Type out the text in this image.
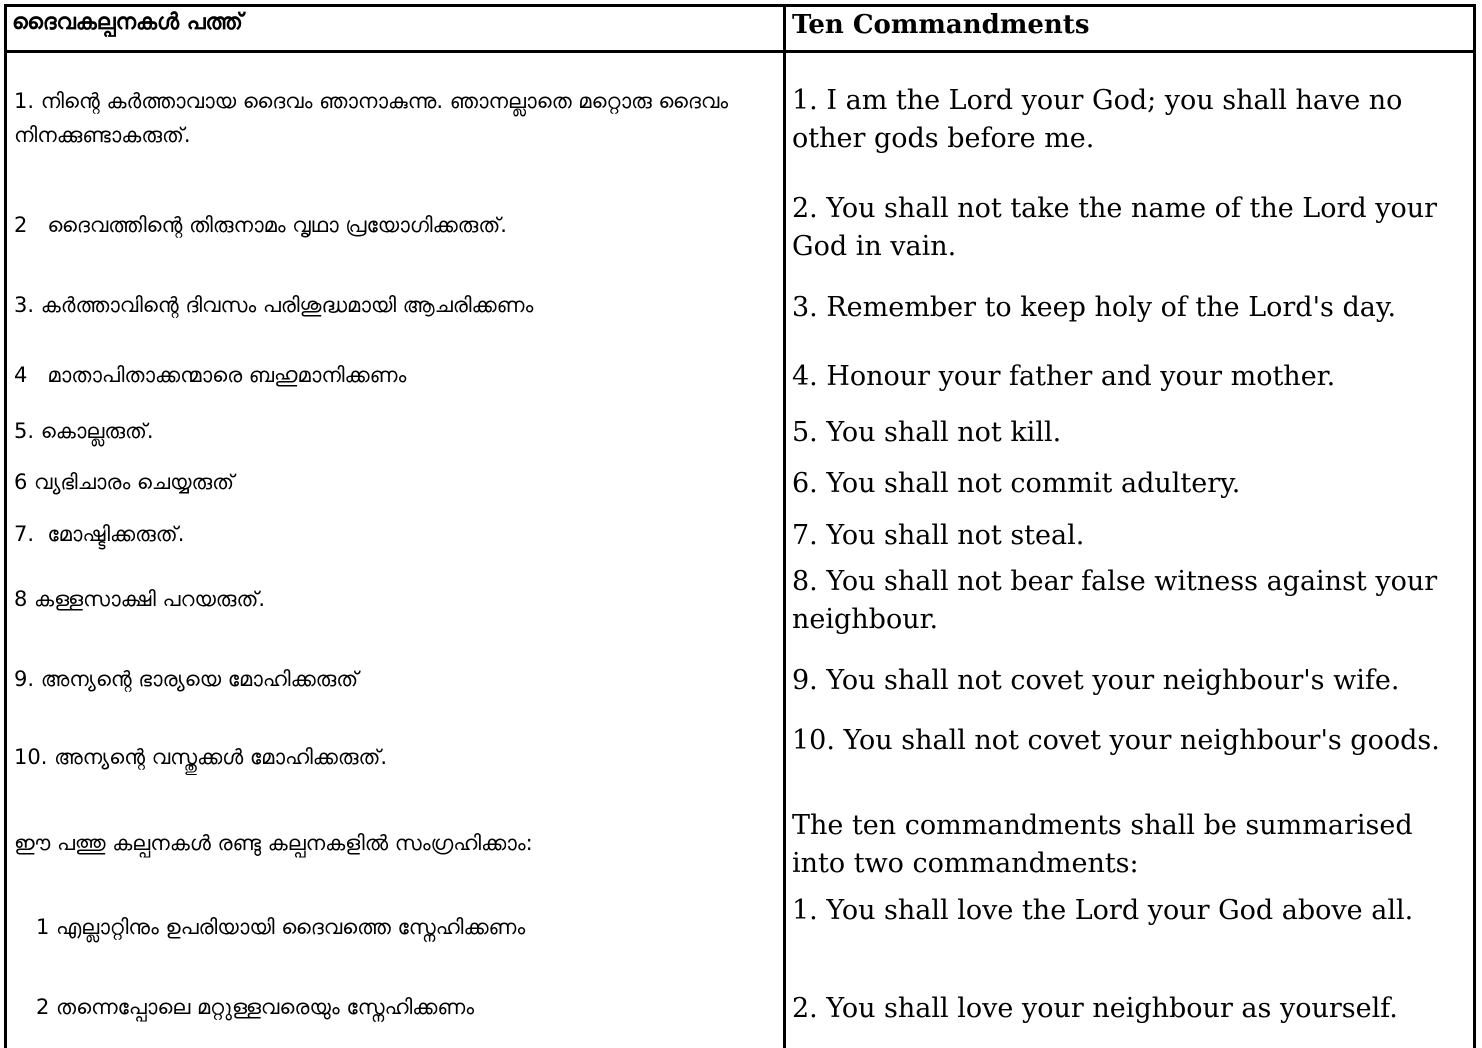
ദൈവകല്പനകൾ പത്ത്	Ten Commandments
1. നിന്റെ കർത്താവായ ദൈവം ഞാനാകുന്നു. ഞാനല്ലാതെ മറ്റൊരു ദൈവം നിനക്കുണ്ടാകരുത്.
2   ദൈവത്തിന്റെ തിരുനാമം വൃഥാ പ്രയോഗിക്കരുത്.
3. കർത്താവിന്റെ ദിവസം പരിശുദ്ധമായി ആചരിക്കണം
4   മാതാപിതാക്കന്മാരെ ബഹുമാനിക്കണം
5. കൊല്ലരുത്.
6 വ്യഭിചാരം ചെയ്യരുത്
7.  മോഷ്ടിക്കരുത്.
8 കള്ളസാക്ഷി പറയരുത്.
9. അന്യന്റെ ഭാര്യയെ മോഹിക്കരുത്
10. അന്യന്റെ വസ്തുക്കൾ മോഹിക്കരുത്.
ഈ പത്തു കല്പനകൾ രണ്ടു കല്പനകളിൽ സംഗ്രഹിക്കാം:
1 എല്ലാറ്റിനും ഉപരിയായി ദൈവത്തെ സ്നേഹിക്കണം
2 തന്നെപ്പോലെ മറ്റുള്ളവരെയും സ്നേഹിക്കണം
1. I am the Lord your God; you shall have no other gods before me.
2. You shall not take the name of the Lord your God in vain.
3. Remember to keep holy of the Lord's day.
4. Honour your father and your mother.
5. You shall not kill.
6. You shall not commit adultery.
7. You shall not steal.
8. You shall not bear false witness against your neighbour.
9. You shall not covet your neighbour's wife.
10. You shall not covet your neighbour's goods.
The ten commandments shall be summarised into two commandments:
1. You shall love the Lord your God above all.
2. You shall love your neighbour as yourself.
